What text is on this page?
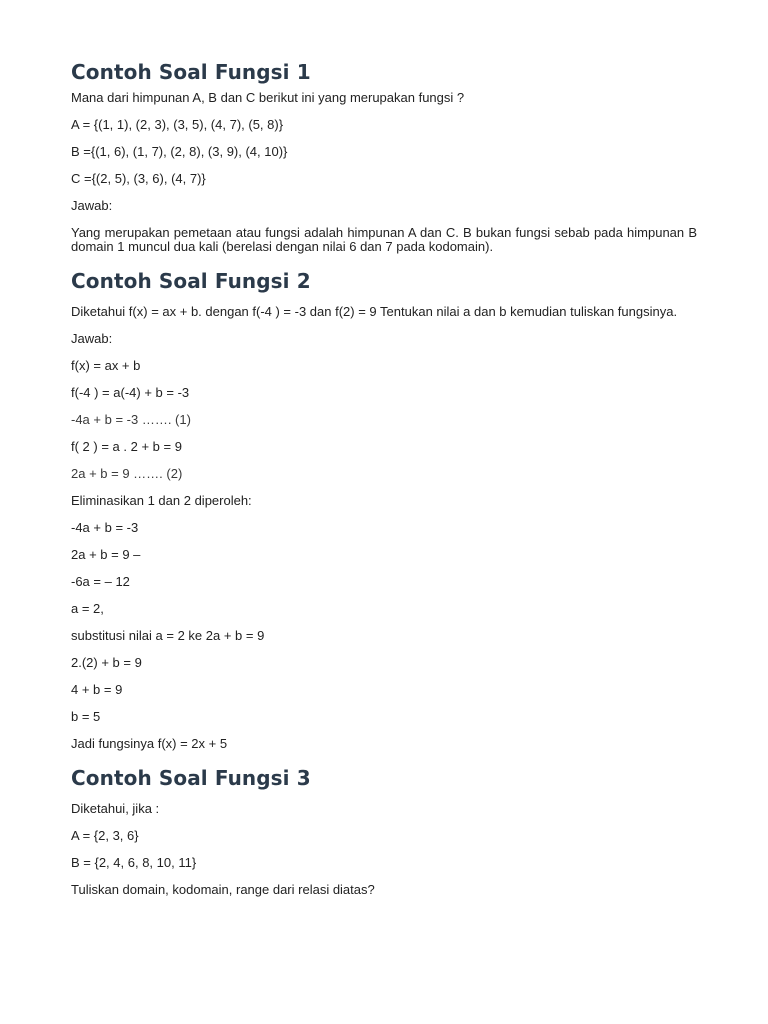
Contoh Soal Fungsi 1

Mana dari himpunan A, B dan C berikut ini yang merupakan fungsi ?

A = {(1, 1), (2, 3), (3, 5), (4, 7), (5, 8)}

B ={(1, 6), (1, 7), (2, 8), (3, 9), (4, 10)}

C ={(2, 5), (3, 6), (4, 7)}

Jawab:

Yang merupakan pemetaan atau fungsi adalah himpunan A dan C. B bukan fungsi sebab pada himpunan B domain 1 muncul dua kali (berelasi dengan nilai 6 dan 7 pada kodomain).

Contoh Soal Fungsi 2

Diketahui f(x) = ax + b. dengan f(-4 ) = -3 dan f(2) = 9 Tentukan nilai a dan b kemudian tuliskan fungsinya.

Jawab:

f(x) = ax + b

f(-4 ) = a(-4) + b = -3

-4a + b = -3 ……. (1)

f( 2 ) = a . 2 + b = 9

2a + b = 9 ……. (2)

Eliminasikan 1 dan 2 diperoleh:

-4a + b = -3

2a + b = 9 –

-6a = – 12

a = 2,

substitusi nilai a = 2 ke 2a + b = 9

2.(2) + b = 9

4 + b = 9

b = 5

Jadi fungsinya f(x) = 2x + 5

Contoh Soal Fungsi 3

Diketahui, jika :

A = {2, 3, 6}

B = {2, 4, 6, 8, 10, 11}

Tuliskan domain, kodomain, range dari relasi diatas?
